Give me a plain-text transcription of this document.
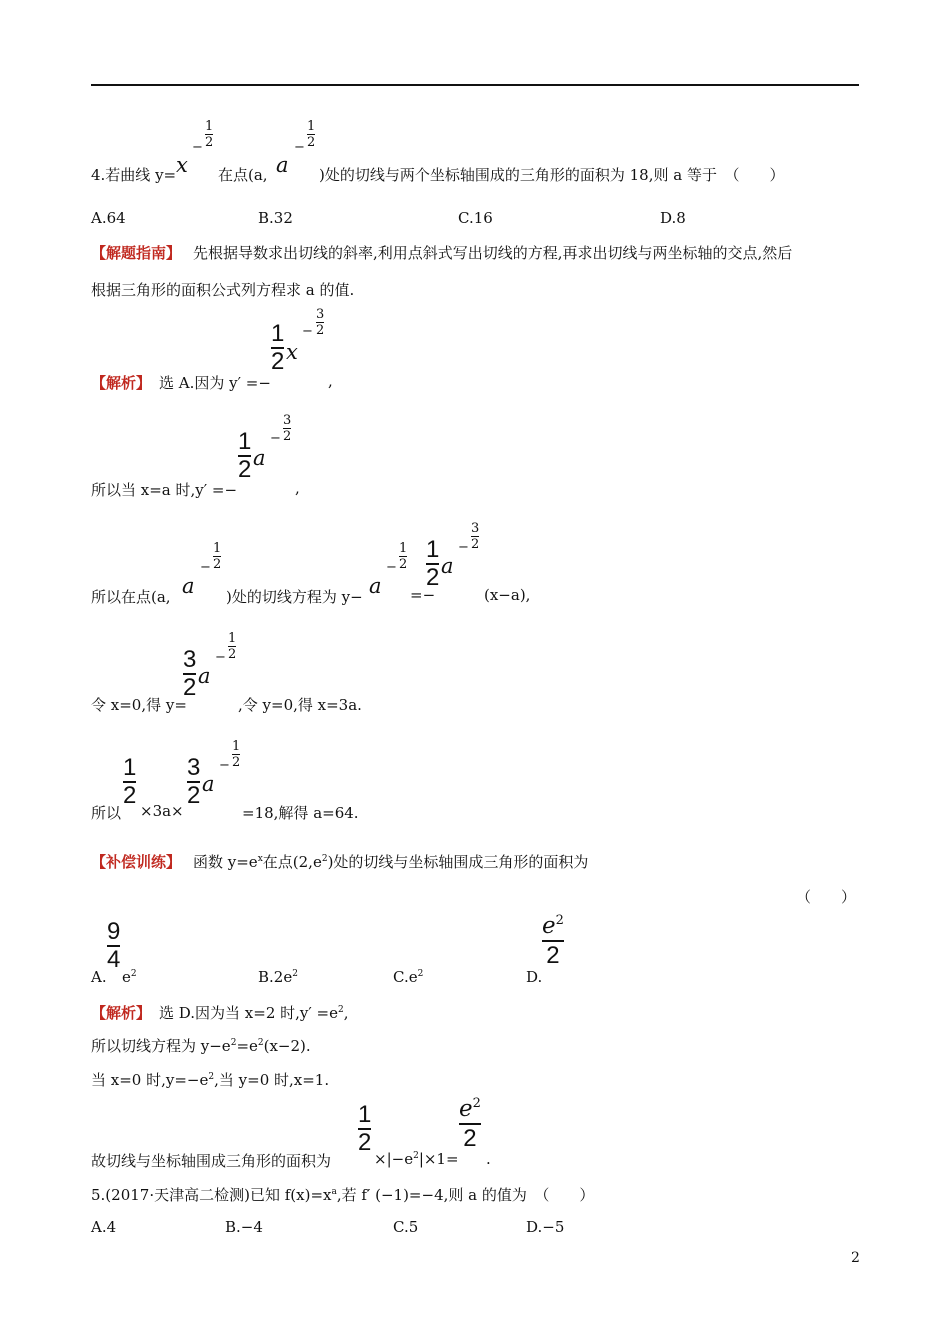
4.若曲线 y= x
−
1
2
在点(a, a
−
1
2
)处的切线与两个坐标轴围成的三角形的面积为 18,则 a 等于　（　　）
A.64	B.32	C.16	D.8
【解题指南】 先根据导数求出切线的斜率,利用点斜式写出切线的方程,再求出切线与两坐标轴的交点,然后
根据三角形的面积公式列方程求 a 的值.
【解析】 选 A.因为 y′ =−
1
2 x
−
3
2
,
所以当 x=a 时,y′ =−
1
2 a
−
3
2
,
所以在点(a, a
−
1
2
)处的切线方程为 y− a
−
1
2
=−
1
2 a
−
3
2
(x−a),
令 x=0,得 y=
3
2 a
−
1
2
,令 y=0,得 x=3a.
所以
1
2
×3a×
3
2 a
−
1
2
=18,解得 a=64.
【补偿训练】 函数 $y=e^x$在点$(2,e^2)$处的切线与坐标轴围成三角形的面积为
（　　）
A.
9
4
$e^2$	$B.2e^2$	$C.e^2$	D.
$e^2$
2
【解析】 选 D.因为当 x=2 时$,y' =e^2$,
所以切线方程为 $y-e^2=e^2(x-2)$.
当 x=0 时$,y=-e^2$,当 y=0 时,x=1.
故切线与坐标轴围成三角形的面积为
1
2
$\times|-e^2|\times 1=$
$e^2$
2
.
5.(2017·天津高二检测)已知 $f(x)=x^a$,若 f′ (−1)=−4,则 a 的值为　（　　）
A.4	B.−4	C.5	D.−5
2
